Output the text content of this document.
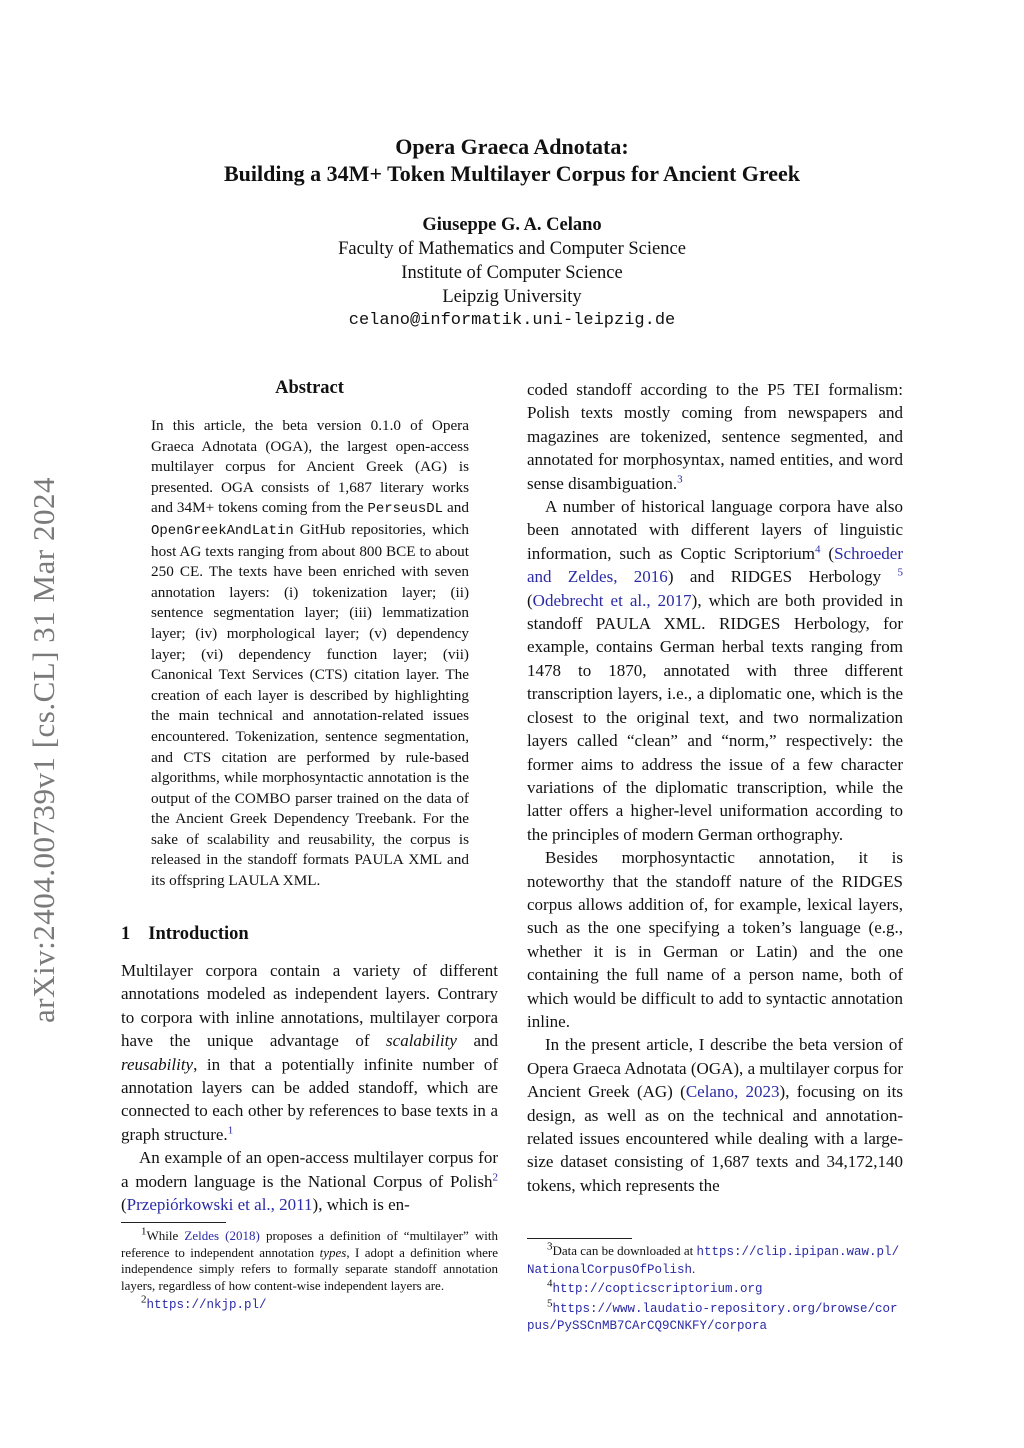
Opera Graeca Adnotata:
Building a 34M+ Token Multilayer Corpus for Ancient Greek
Giuseppe G. A. Celano
Faculty of Mathematics and Computer Science
Institute of Computer Science
Leipzig University
celano@informatik.uni-leipzig.de
arXiv:2404.00739v1 [cs.CL] 31 Mar 2024
Abstract
In this article, the beta version 0.1.0 of Opera Graeca Adnotata (OGA), the largest open-access multilayer corpus for Ancient Greek (AG) is presented. OGA consists of 1,687 literary works and 34M+ tokens coming from the PerseusDL and OpenGreekAndLatin GitHub repositories, which host AG texts ranging from about 800 BCE to about 250 CE. The texts have been enriched with seven annotation layers: (i) tokenization layer; (ii) sentence segmentation layer; (iii) lemmatization layer; (iv) morphological layer; (v) dependency layer; (vi) dependency function layer; (vii) Canonical Text Services (CTS) citation layer. The creation of each layer is described by highlighting the main technical and annotation-related issues encountered. Tokenization, sentence segmentation, and CTS citation are performed by rule-based algorithms, while morphosyntactic annotation is the output of the COMBO parser trained on the data of the Ancient Greek Dependency Treebank. For the sake of scalability and reusability, the corpus is released in the standoff formats PAULA XML and its offspring LAULA XML.
1 Introduction

Multilayer corpora contain a variety of different annotations modeled as independent layers. Contrary to corpora with inline annotations, multilayer corpora have the unique advantage of scalability and reusability, in that a potentially infinite number of annotation layers can be added standoff, which are connected to each other by references to base texts in a graph structure.$^1$

An example of an open-access multilayer corpus for a modern language is the National Corpus of Polish$^2$ (Przepiórkowski et al., 2011), which is en-

$^1$While Zeldes (2018) proposes a definition of “multilayer” with reference to independent annotation types, I adopt a definition where independence simply refers to formally separate standoff annotation layers, regardless of how content-wise independent layers are.

$^2$https://nkjp.pl/

coded standoff according to the P5 TEI formalism: Polish texts mostly coming from newspapers and magazines are tokenized, sentence segmented, and annotated for morphosyntax, named entities, and word sense disambiguation.$^3$

A number of historical language corpora have also been annotated with different layers of linguistic information, such as Coptic Scriptorium$^4$ (Schroeder and Zeldes, 2016) and RIDGES Herbology $^5$ (Odebrecht et al., 2017), which are both provided in standoff PAULA XML. RIDGES Herbology, for example, contains German herbal texts ranging from 1478 to 1870, annotated with three different transcription layers, i.e., a diplomatic one, which is the closest to the original text, and two normalization layers called “clean” and “norm,” respectively: the former aims to address the issue of a few character variations of the diplomatic transcription, while the latter offers a higher-level uniformation according to the principles of modern German orthography.

Besides morphosyntactic annotation, it is noteworthy that the standoff nature of the RIDGES corpus allows addition of, for example, lexical layers, such as the one specifying a token’s language (e.g., whether it is in German or Latin) and the one containing the full name of a person name, both of which would be difficult to add to syntactic annotation inline.

In the present article, I describe the beta version of Opera Graeca Adnotata (OGA), a multilayer corpus for Ancient Greek (AG) (Celano, 2023), focusing on its design, as well as on the technical and annotation-related issues encountered while dealing with a large-size dataset consisting of 1,687 texts and 34,172,140 tokens, which represents the

$^3$Data can be downloaded at https://clip.ipipan.waw.pl/NationalCorpusOfPolish.

$^4$http://copticscriptorium.org

$^5$https://www.laudatio-repository.org/browse/corpus/PySSCnMB7CArCQ9CNKFY/corpora
